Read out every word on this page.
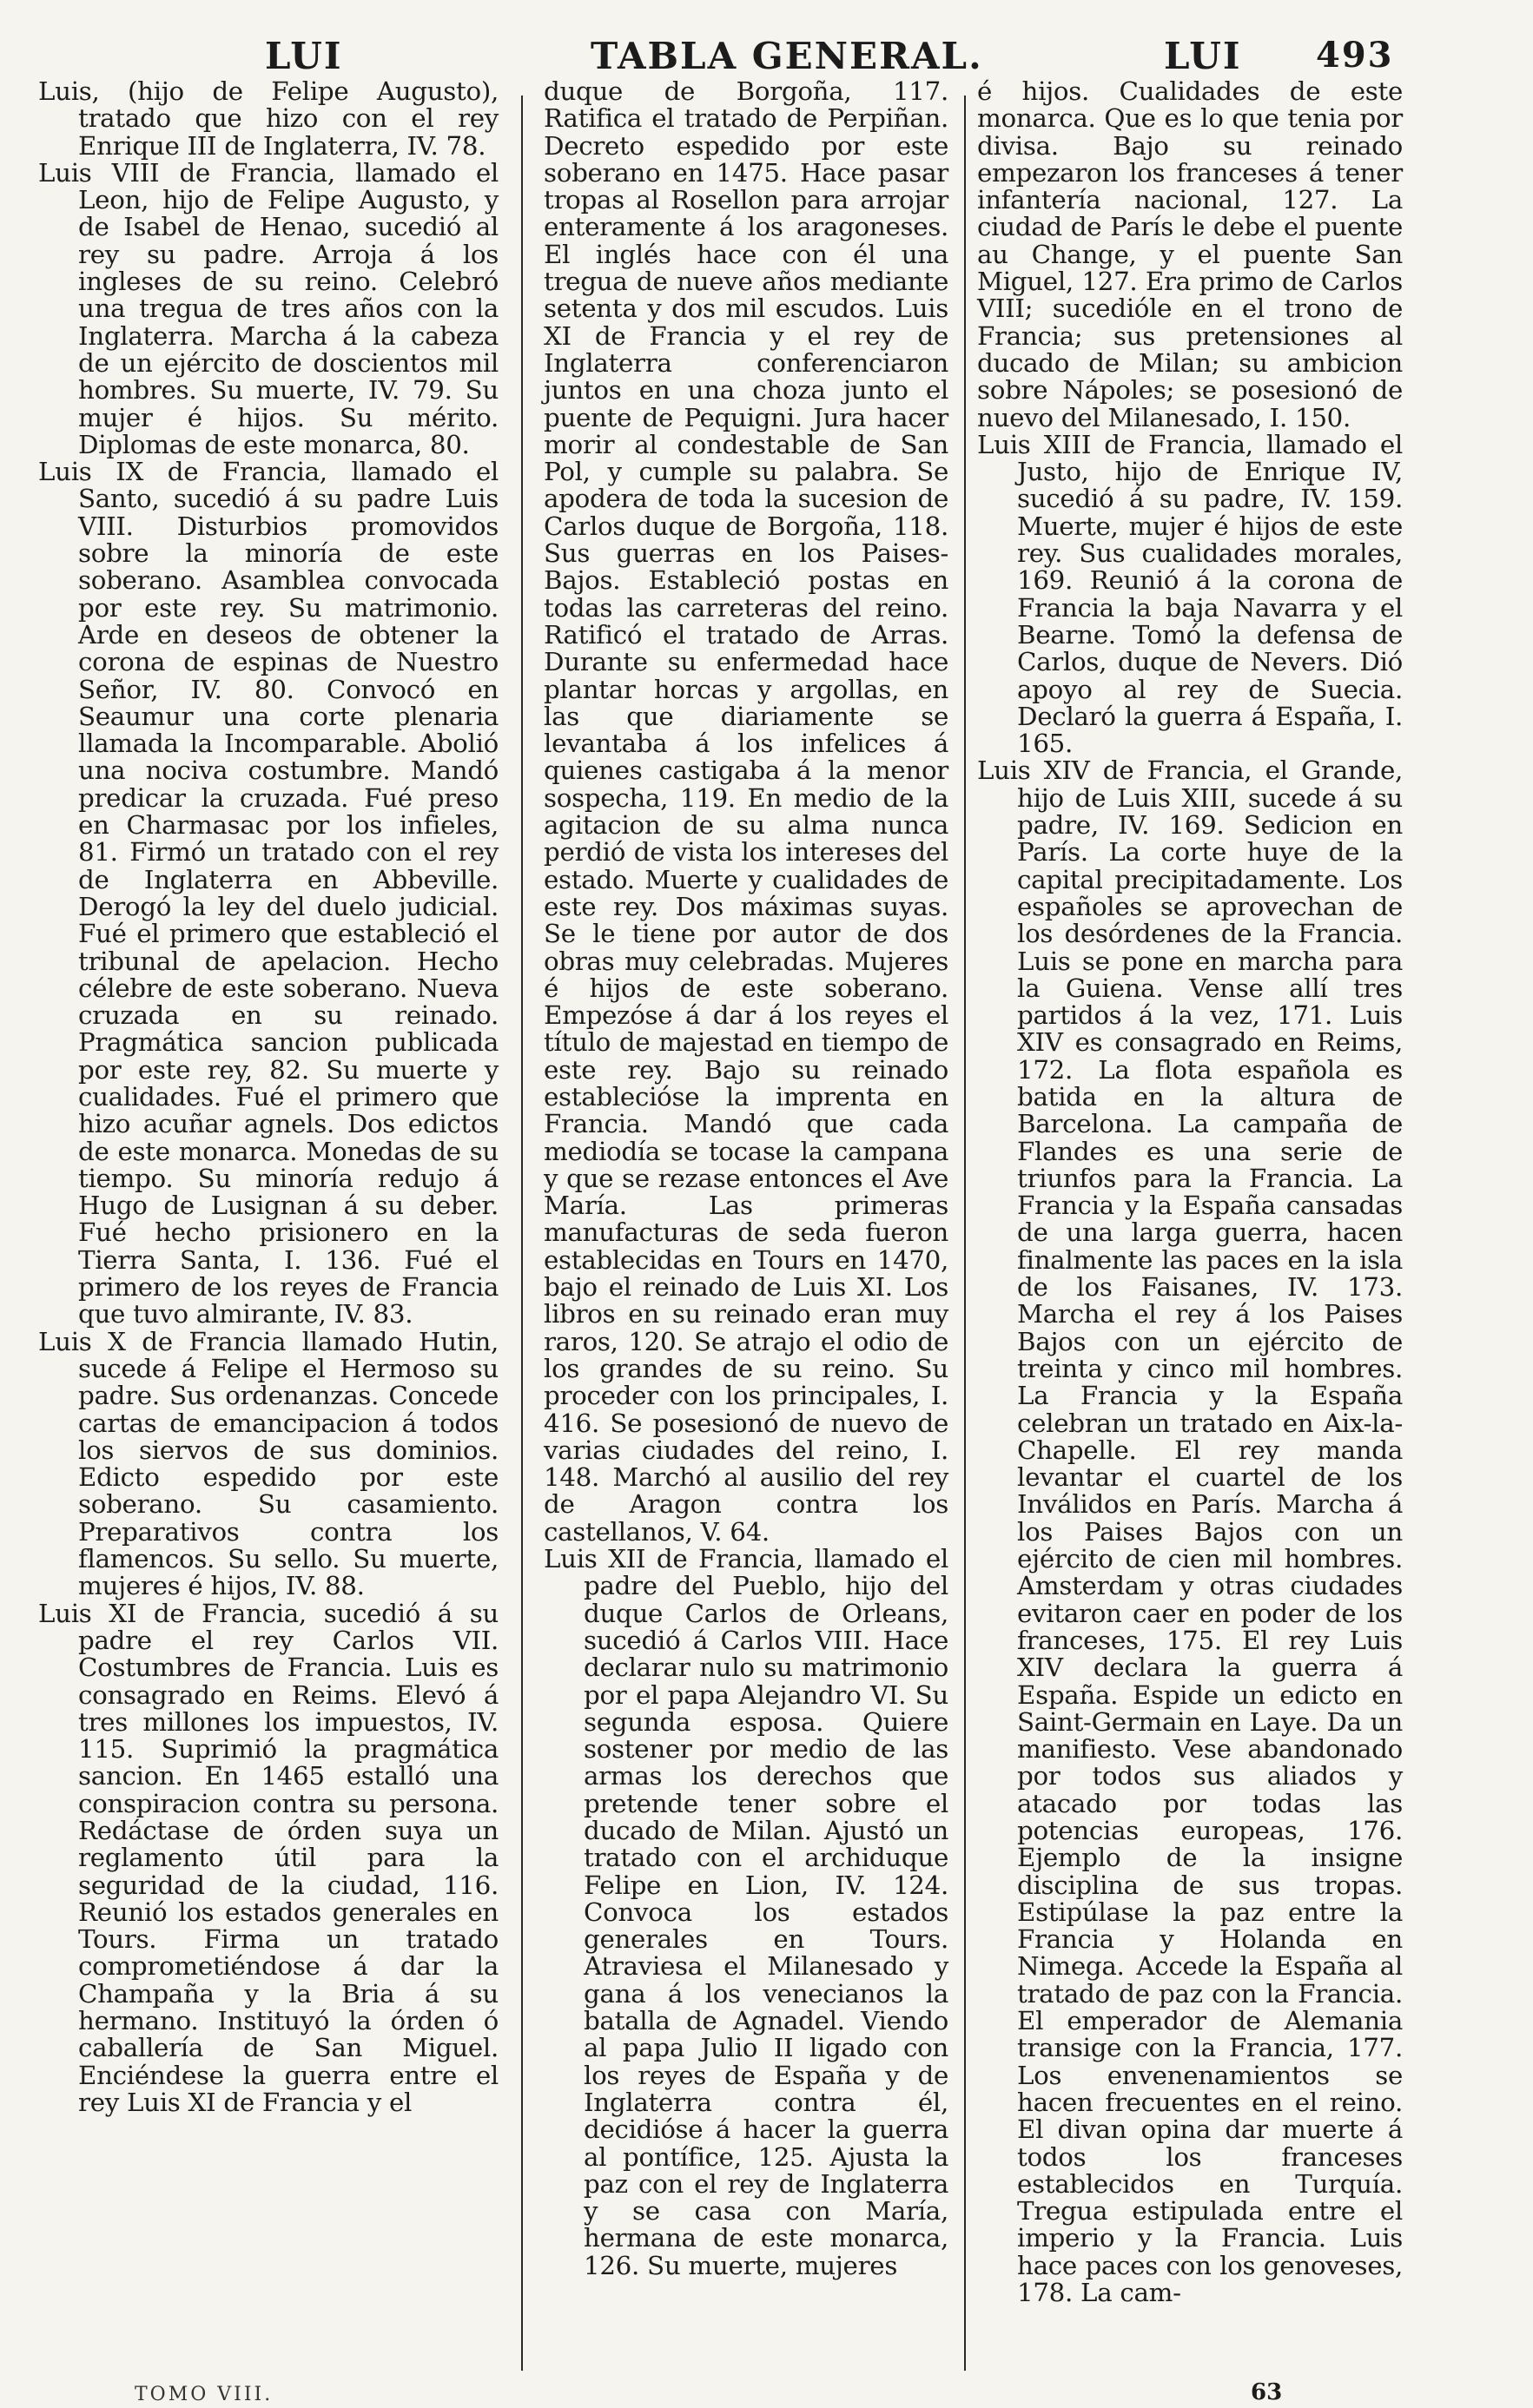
LUI	TABLA GENERAL.	LUI 493

Luis, (hijo de Felipe Augusto), tratado que hizo con el rey Enrique III de Inglaterra, IV. 78.

Luis VIII de Francia, llamado el Leon, hijo de Felipe Augusto, y de Isabel de Henao, sucedió al rey su padre. Arroja á los ingleses de su reino. Celebró una tregua de tres años con la Inglaterra. Marcha á la cabeza de un ejército de doscientos mil hombres. Su muerte, IV. 79. Su mujer é hijos. Su mérito. Diplomas de este monarca, 80.

Luis IX de Francia, llamado el Santo, sucedió á su padre Luis VIII. Disturbios promovidos sobre la minoría de este soberano. Asamblea convocada por este rey. Su matrimonio. Arde en deseos de obtener la corona de espinas de Nuestro Señor, IV. 80. Convocó en Seaumur una corte plenaria llamada la Incomparable. Abolió una nociva costumbre. Mandó predicar la cruzada. Fué preso en Charmasac por los infieles, 81. Firmó un tratado con el rey de Inglaterra en Abbeville. Derogó la ley del duelo judicial. Fué el primero que estableció el tribunal de apelacion. Hecho célebre de este soberano. Nueva cruzada en su reinado. Pragmática sancion publicada por este rey, 82. Su muerte y cualidades. Fué el primero que hizo acuñar agnels. Dos edictos de este monarca. Monedas de su tiempo. Su minoría redujo á Hugo de Lusignan á su deber. Fué hecho prisionero en la Tierra Santa, I. 136. Fué el primero de los reyes de Francia que tuvo almirante, IV. 83.

Luis X de Francia llamado Hutin, sucede á Felipe el Hermoso su padre. Sus ordenanzas. Concede cartas de emancipacion á todos los siervos de sus dominios. Edicto espedido por este soberano. Su casamiento. Preparativos contra los flamencos. Su sello. Su muerte, mujeres é hijos, IV. 88.

Luis XI de Francia, sucedió á su padre el rey Carlos VII. Costumbres de Francia. Luis es consagrado en Reims. Elevó á tres millones los impuestos, IV. 115. Suprimió la pragmática sancion. En 1465 estalló una conspiracion contra su persona. Redáctase de órden suya un reglamento útil para la seguridad de la ciudad, 116. Reunió los estados generales en Tours. Firma un tratado comprometiéndose á dar la Champaña y la Bria á su hermano. Instituyó la órden ó caballería de San Miguel. Enciéndese la guerra entre el rey Luis XI de Francia y el

duque de Borgoña, 117. Ratifica el tratado de Perpiñan. Decreto espedido por este soberano en 1475. Hace pasar tropas al Rosellon para arrojar enteramente á los aragoneses. El inglés hace con él una tregua de nueve años mediante setenta y dos mil escudos. Luis XI de Francia y el rey de Inglaterra conferenciaron juntos en una choza junto el puente de Pequigni. Jura hacer morir al condestable de San Pol, y cumple su palabra. Se apodera de toda la sucesion de Carlos duque de Borgoña, 118. Sus guerras en los Paises-Bajos. Estableció postas en todas las carreteras del reino. Ratificó el tratado de Arras. Durante su enfermedad hace plantar horcas y argollas, en las que diariamente se levantaba á los infelices á quienes castigaba á la menor sospecha, 119. En medio de la agitacion de su alma nunca perdió de vista los intereses del estado. Muerte y cualidades de este rey. Dos máximas suyas. Se le tiene por autor de dos obras muy celebradas. Mujeres é hijos de este soberano. Empezóse á dar á los reyes el título de majestad en tiempo de este rey. Bajo su reinado establecióse la imprenta en Francia. Mandó que cada mediodía se tocase la campana y que se rezase entonces el Ave María. Las primeras manufacturas de seda fueron establecidas en Tours en 1470, bajo el reinado de Luis XI. Los libros en su reinado eran muy raros, 120. Se atrajo el odio de los grandes de su reino. Su proceder con los principales, I. 416. Se posesionó de nuevo de varias ciudades del reino, I. 148. Marchó al ausilio del rey de Aragon contra los castellanos, V. 64.

Luis XII de Francia, llamado el padre del Pueblo, hijo del duque Carlos de Orleans, sucedió á Carlos VIII. Hace declarar nulo su matrimonio por el papa Alejandro VI. Su segunda esposa. Quiere sostener por medio de las armas los derechos que pretende tener sobre el ducado de Milan. Ajustó un tratado con el archiduque Felipe en Lion, IV. 124. Convoca los estados generales en Tours. Atraviesa el Milanesado y gana á los venecianos la batalla de Agnadel. Viendo al papa Julio II ligado con los reyes de España y de Inglaterra contra él, decidióse á hacer la guerra al pontífice, 125. Ajusta la paz con el rey de Inglaterra y se casa con María, hermana de este monarca, 126. Su muerte, mujeres

é hijos. Cualidades de este monarca. Que es lo que tenia por divisa. Bajo su reinado empezaron los franceses á tener infantería nacional, 127. La ciudad de París le debe el puente au Change, y el puente San Miguel, 127. Era primo de Carlos VIII; sucedióle en el trono de Francia; sus pretensiones al ducado de Milan; su ambicion sobre Nápoles; se posesionó de nuevo del Milanesado, I. 150.

Luis XIII de Francia, llamado el Justo, hijo de Enrique IV, sucedió á su padre, IV. 159. Muerte, mujer é hijos de este rey. Sus cualidades morales, 169. Reunió á la corona de Francia la baja Navarra y el Bearne. Tomó la defensa de Carlos, duque de Nevers. Dió apoyo al rey de Suecia. Declaró la guerra á España, I. 165.

Luis XIV de Francia, el Grande, hijo de Luis XIII, sucede á su padre, IV. 169. Sedicion en París. La corte huye de la capital precipitadamente. Los españoles se aprovechan de los desórdenes de la Francia. Luis se pone en marcha para la Guiena. Vense allí tres partidos á la vez, 171. Luis XIV es consagrado en Reims, 172. La flota española es batida en la altura de Barcelona. La campaña de Flandes es una serie de triunfos para la Francia. La Francia y la España cansadas de una larga guerra, hacen finalmente las paces en la isla de los Faisanes, IV. 173. Marcha el rey á los Paises Bajos con un ejército de treinta y cinco mil hombres. La Francia y la España celebran un tratado en Aix-la-Chapelle. El rey manda levantar el cuartel de los Inválidos en París. Marcha á los Paises Bajos con un ejército de cien mil hombres. Amsterdam y otras ciudades evitaron caer en poder de los franceses, 175. El rey Luis XIV declara la guerra á España. Espide un edicto en Saint-Germain en Laye. Da un manifiesto. Vese abandonado por todos sus aliados y atacado por todas las potencias europeas, 176. Ejemplo de la insigne disciplina de sus tropas. Estipúlase la paz entre la Francia y Holanda en Nimega. Accede la España al tratado de paz con la Francia. El emperador de Alemania transige con la Francia, 177. Los envenenamientos se hacen frecuentes en el reino. El divan opina dar muerte á todos los franceses establecidos en Turquía. Tregua estipulada entre el imperio y la Francia. Luis hace paces con los genoveses, 178. La cam-

TOMO VIII.	63
